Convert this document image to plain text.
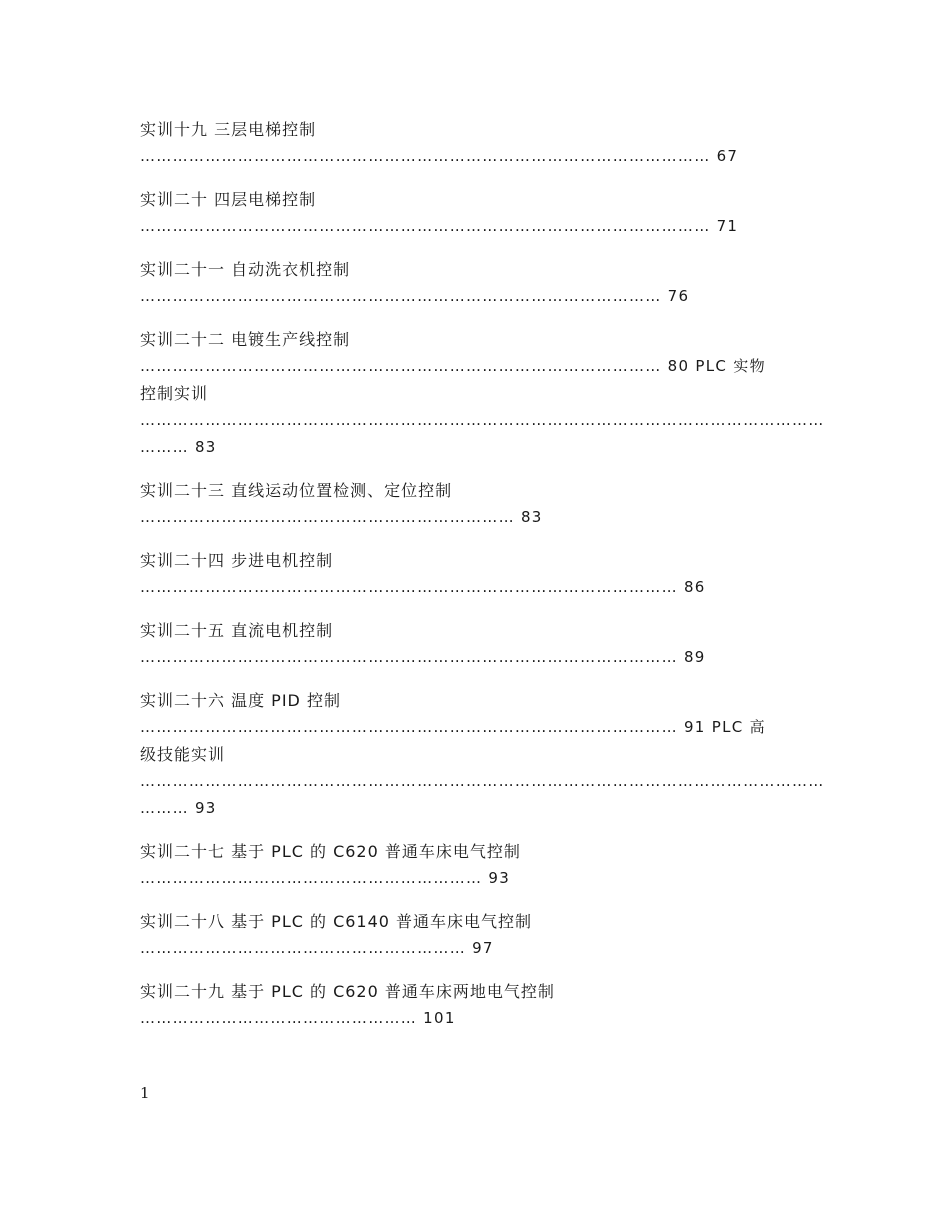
实训十九 三层电梯控制
…………………………………………………………………………………………… 67
实训二十 四层电梯控制
…………………………………………………………………………………………… 71
实训二十一 自动洗衣机控制
…………………………………………………………………………………… 76
实训二十二 电镀生产线控制
…………………………………………………………………………………… 80 PLC 实物
控制实训
………………………………………………………………………………………………………………
……… 83
实训二十三 直线运动位置检测、定位控制
…………………………………………………………… 83
实训二十四 步进电机控制
……………………………………………………………………………………… 86
实训二十五 直流电机控制
……………………………………………………………………………………… 89
实训二十六 温度 PID 控制
……………………………………………………………………………………… 91 PLC 高
级技能实训
………………………………………………………………………………………………………………
……… 93
实训二十七 基于 PLC 的 C620 普通车床电气控制
……………………………………………………… 93
实训二十八 基于 PLC 的 C6140 普通车床电气控制
…………………………………………………… 97
实训二十九 基于 PLC 的 C620 普通车床两地电气控制
…………………………………………… 101
1
